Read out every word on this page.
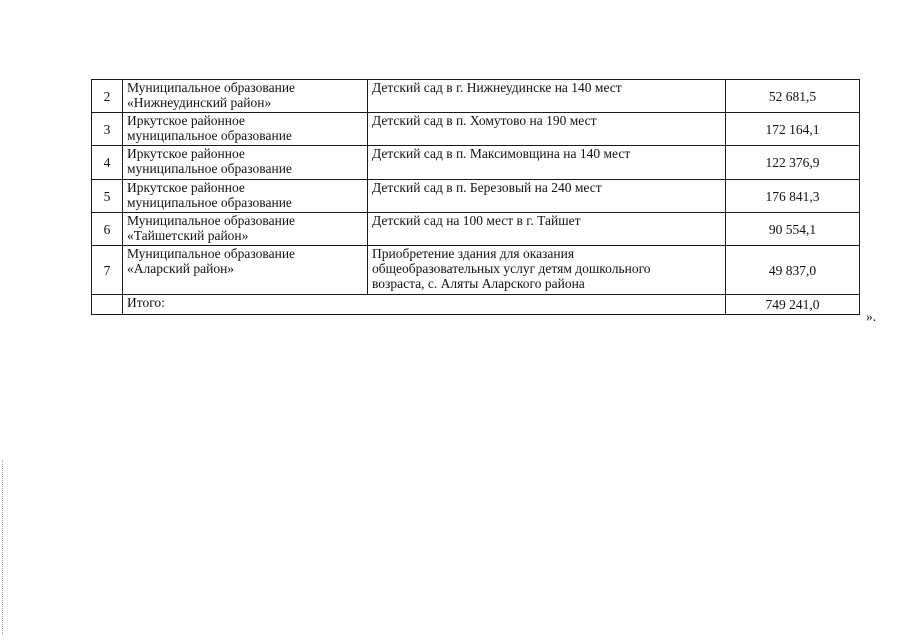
2	Муниципальное образование
«Нижнеудинский район»	Детский сад в г. Нижнеудинске на 140 мест	52 681,5
3	Иркутское районное
муниципальное образование	Детский сад в п. Хомутово на 190 мест	172 164,1
4	Иркутское районное
муниципальное образование	Детский сад в п. Максимовщина на 140 мест	122 376,9
5	Иркутское районное
муниципальное образование	Детский сад в п. Березовый на 240 мест	176 841,3
6	Муниципальное образование
«Тайшетский район»	Детский сад на 100 мест в г. Тайшет	90 554,1
7	Муниципальное образование
«Аларский район»	Приобретение здания для оказания
общеобразовательных услуг детям дошкольного
возраста, с. Аляты Аларского района	49 837,0
	Итого:		749 241,0
».
